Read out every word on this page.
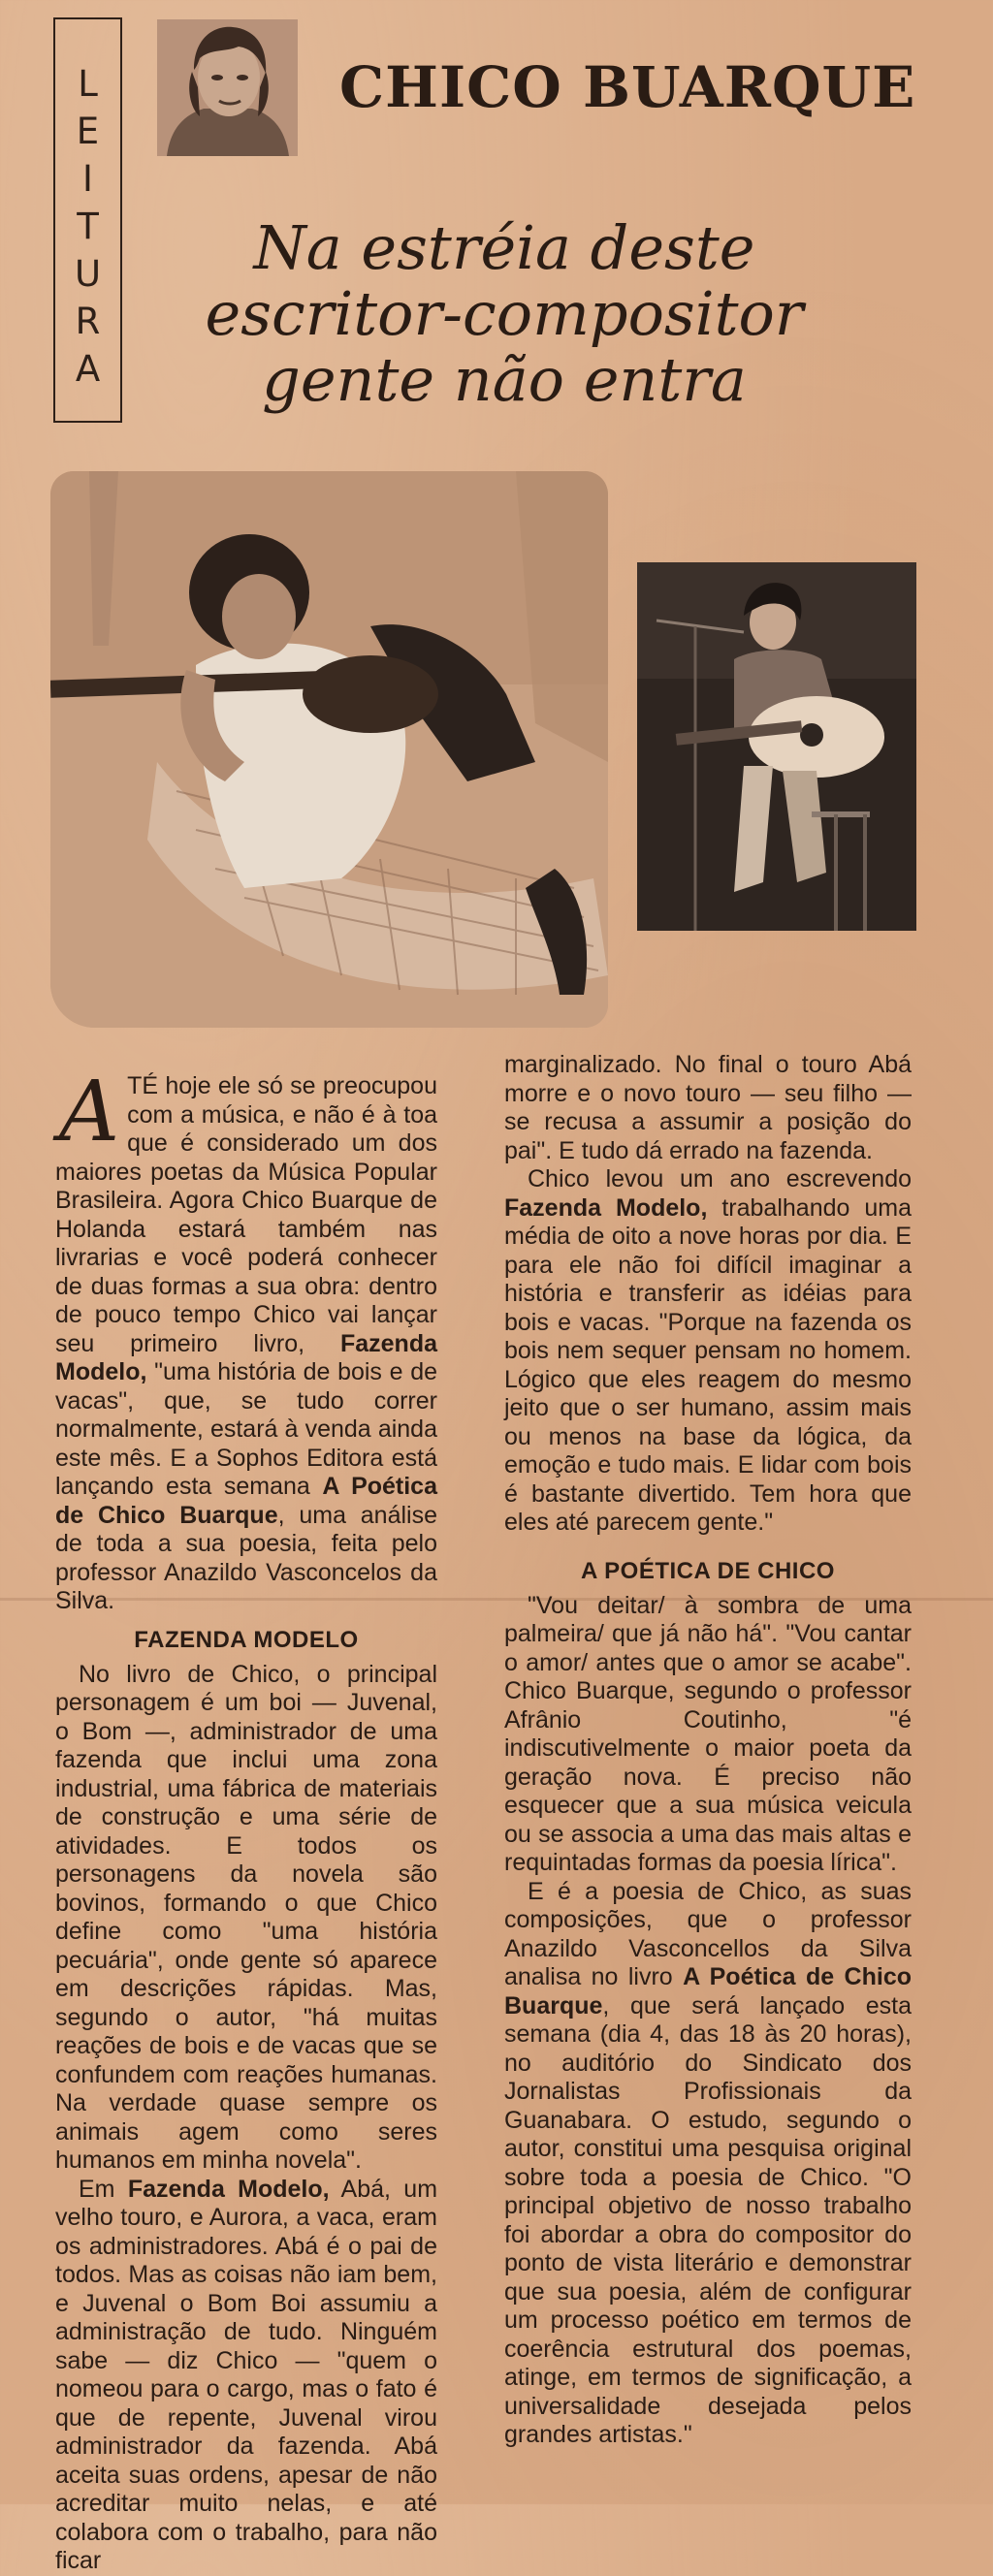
L
E
I
T
U
R
A
CHICO BUARQUE
Na estréia deste
escritor-compositor
gente não entra

ATÉ hoje ele só se preocupou com a música, e não é à toa que é considerado um dos maiores poetas da Música Popular Brasileira. Agora Chico Buarque de Holanda estará também nas livrarias e você poderá conhecer de duas formas a sua obra: dentro de pouco tempo Chico vai lançar seu primeiro livro, Fazenda Modelo, "uma história de bois e de vacas", que, se tudo correr normalmente, estará à venda ainda este mês. E a Sophos Editora está lançando esta semana A Poética de Chico Buarque, uma análise de toda a sua poesia, feita pelo professor Anazildo Vasconcelos da Silva.

FAZENDA MODELO

No livro de Chico, o principal personagem é um boi — Juvenal, o Bom —, administrador de uma fazenda que inclui uma zona industrial, uma fábrica de materiais de construção e uma série de atividades. E todos os personagens da novela são bovinos, formando o que Chico define como "uma história pecuária", onde gente só aparece em descrições rápidas. Mas, segundo o autor, "há muitas reações de bois e de vacas que se confundem com reações humanas. Na verdade quase sempre os animais agem como seres humanos em minha novela".

Em Fazenda Modelo, Abá, um velho touro, e Aurora, a vaca, eram os administradores. Abá é o pai de todos. Mas as coisas não iam bem, e Juvenal o Bom Boi assumiu a administração de tudo. Ninguém sabe — diz Chico — "quem o nomeou para o cargo, mas o fato é que de repente, Juvenal virou administrador da fazenda. Abá aceita suas ordens, apesar de não acreditar muito nelas, e até colabora com o trabalho, para não ficar

marginalizado. No final o touro Abá morre e o novo touro — seu filho — se recusa a assumir a posição do pai". E tudo dá errado na fazenda.

Chico levou um ano escrevendo Fazenda Modelo, trabalhando uma média de oito a nove horas por dia. E para ele não foi difícil imaginar a história e transferir as idéias para bois e vacas. "Porque na fazenda os bois nem sequer pensam no homem. Lógico que eles reagem do mesmo jeito que o ser humano, assim mais ou menos na base da lógica, da emoção e tudo mais. E lidar com bois é bastante divertido. Tem hora que eles até parecem gente."

A POÉTICA DE CHICO

"Vou deitar/ à sombra de uma palmeira/ que já não há". "Vou cantar o amor/ antes que o amor se acabe". Chico Buarque, segundo o professor Afrânio Coutinho, "é indiscutivelmente o maior poeta da geração nova. É preciso não esquecer que a sua música veicula ou se associa a uma das mais altas e requintadas formas da poesia lírica".

E é a poesia de Chico, as suas composições, que o professor Anazildo Vasconcellos da Silva analisa no livro A Poética de Chico Buarque, que será lançado esta semana (dia 4, das 18 às 20 horas), no auditório do Sindicato dos Jornalistas Profissionais da Guanabara. O estudo, segundo o autor, constitui uma pesquisa original sobre toda a poesia de Chico. "O principal objetivo de nosso trabalho foi abordar a obra do compositor do ponto de vista literário e demonstrar que sua poesia, além de configurar um processo poético em termos de coerência estrutural dos poemas, atinge, em termos de significação, a universalidade desejada pelos grandes artistas."
